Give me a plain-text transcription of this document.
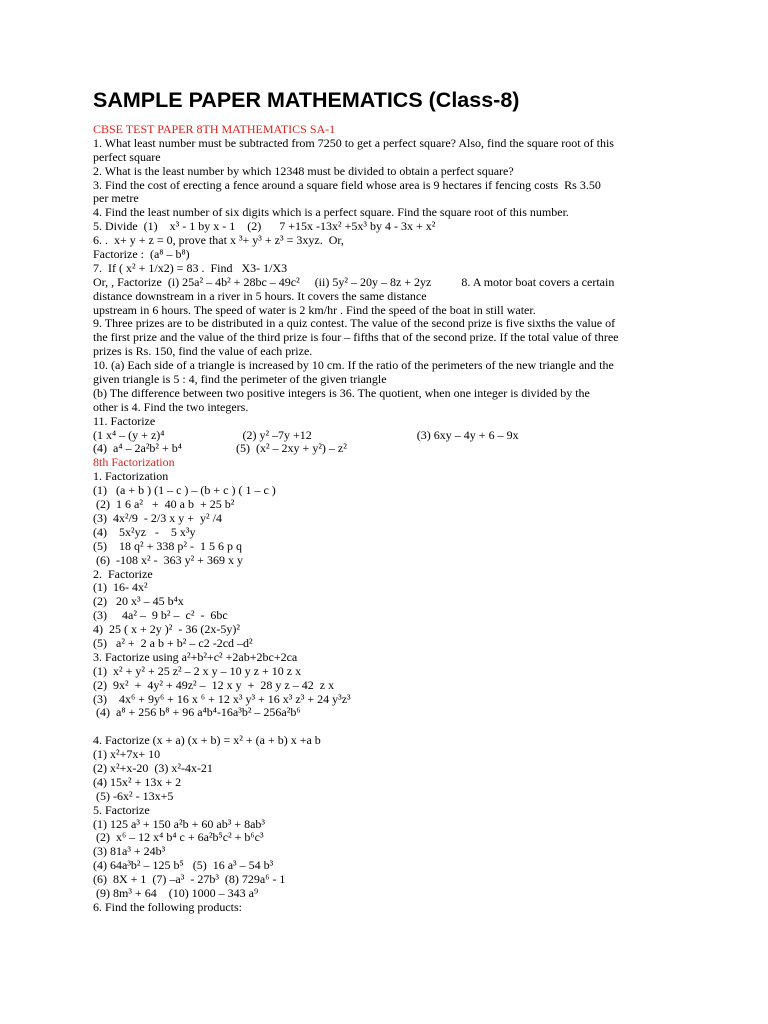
SAMPLE PAPER MATHEMATICS (Class-8)
CBSE TEST PAPER 8TH MATHEMATICS SA-1
1. What least number must be subtracted from 7250 to get a perfect square? Also, find the square root of this
perfect square
2. What is the least number by which 12348 must be divided to obtain a perfect square?
3. Find the cost of erecting a fence around a square field whose area is 9 hectares if fencing costs  Rs 3.50
per metre
4. Find the least number of six digits which is a perfect square. Find the square root of this number.
5. Divide  (1)    x³ - 1 by x - 1    (2)      7 +15x -13x² +5x³ by 4 - 3x + x²
6. .  x+ y + z = 0, prove that x ³+ y³ + z³ = 3xyz.  Or,
Factorize :  (a⁸ – b⁸)
7.  If ( x² + 1/x2) = 83 .  Find   X3- 1/X3
Or, , Factorize  (i) 25a² – 4b² + 28bc – 49c²     (ii) 5y² – 20y – 8z + 2yz          8. A motor boat covers a certain
distance downstream in a river in 5 hours. It covers the same distance
upstream in 6 hours. The speed of water is 2 km/hr . Find the speed of the boat in still water.
9. Three prizes are to be distributed in a quiz contest. The value of the second prize is five sixths the value of
the first prize and the value of the third prize is four – fifths that of the second prize. If the total value of three
prizes is Rs. 150, find the value of each prize.
10. (a) Each side of a triangle is increased by 10 cm. If the ratio of the perimeters of the new triangle and the
given triangle is 5 : 4, find the perimeter of the given triangle
(b) The difference between two positive integers is 36. The quotient, when one integer is divided by the
other is 4. Find the two integers.
11. Factorize
(1 x⁴ – (y + z)⁴                          (2) y² –7y +12                                   (3) 6xy – 4y + 6 – 9x
(4)  a⁴ – 2a²b² + b⁴                  (5)  (x² – 2xy + y²) – z²
8th Factorization
1. Factorization
(1)   (a + b ) (1 – c ) – (b + c ) ( 1 – c )
(2)  1 6 a²   +  40 a b  + 25 b²
(3)  4x²/9  - 2/3 x y +  y² /4
(4)    5x²yz   -    5 x³y
(5)    18 q² + 338 p² -  1 5 6 p q
(6)  -108 x² -  363 y² + 369 x y
2.  Factorize
(1)  16- 4x²
(2)   20 x³ – 45 b⁴x
(3)     4a² –  9 b² –  c²  -  6bc
4)  25 ( x + 2y )²  - 36 (2x-5y)²
(5)   a² +  2 a b + b² – c2 -2cd –d²
3. Factorize using a²+b²+c² +2ab+2bc+2ca
(1)  x² + y² + 25 z² – 2 x y – 10 y z + 10 z x
(2)  9x²  +  4y² + 49z² –  12 x y  +  28 y z – 42  z x
(3)    4x⁶ + 9y⁶ + 16 x ⁶ + 12 x³ y³ + 16 x³ z³ + 24 y³z³
(4)  a⁸ + 256 b⁸ + 96 a⁴b⁴-16a³b² – 256a²b⁶
4. Factorize (x + a) (x + b) = x² + (a + b) x +a b
(1) x²+7x+ 10
(2) x²+x-20  (3) x²-4x-21
(4) 15x² + 13x + 2
(5) -6x² - 13x+5
5. Factorize
(1) 125 a³ + 150 a²b + 60 ab³ + 8ab³
(2)  x⁶ – 12 x⁴ b⁴ c + 6a²b⁵c² + b⁶c³
(3) 81a³ + 24b³
(4) 64a³b² – 125 b⁵   (5)  16 a³ – 54 b³
(6)  8X + 1  (7) –a³  - 27b³  (8) 729a⁶ - 1
(9) 8m³ + 64    (10) 1000 – 343 a⁹
6. Find the following products:
